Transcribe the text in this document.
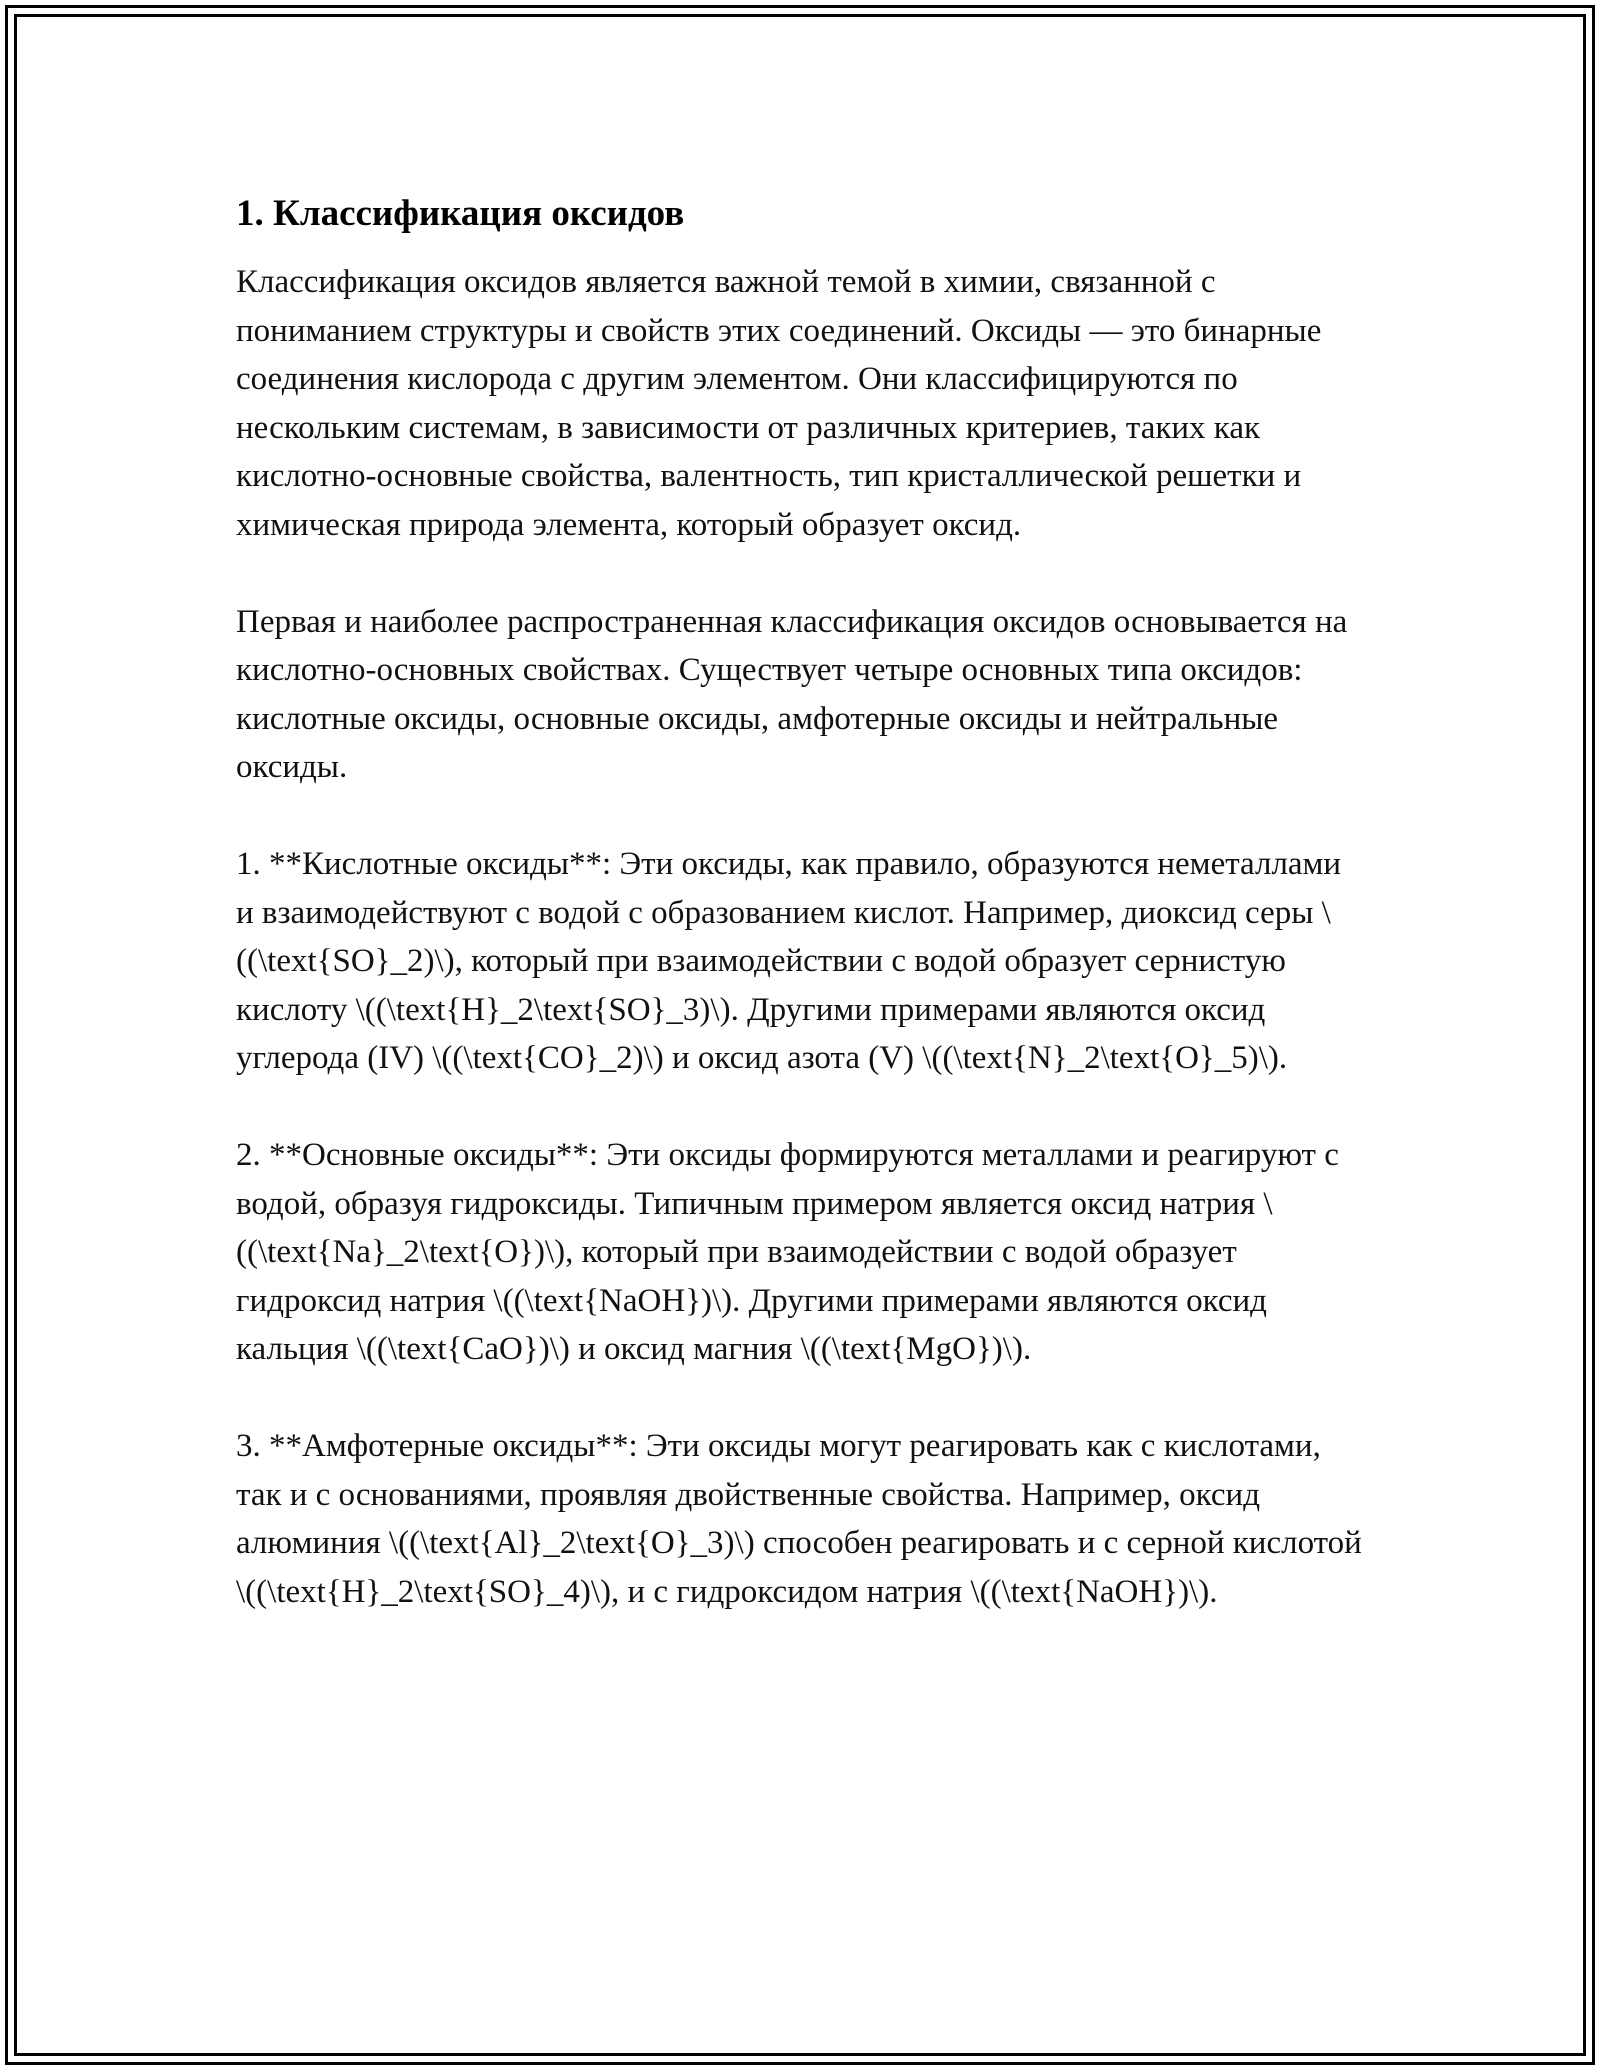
1. Классификация оксидов

Классификация оксидов является важной темой в химии, связанной с пониманием структуры и свойств этих соединений. Оксиды — это бинарные соединения кислорода с другим элементом. Они классифицируются по нескольким системам, в зависимости от различных критериев, таких как кислотно-основные свойства, валентность, тип кристаллической решетки и химическая природа элемента, который образует оксид.

Первая и наиболее распространенная классификация оксидов основывается на кислотно-основных свойствах. Существует четыре основных типа оксидов: кислотные оксиды, основные оксиды, амфотерные оксиды и нейтральные оксиды.

1. **Кислотные оксиды**: Эти оксиды, как правило, образуются неметаллами и взаимодействуют с водой с образованием кислот. Например, диоксид серы \((\text{SO}_2)\), который при взаимодействии с водой образует сернистую кислоту \((\text{H}_2\text{SO}_3)\). Другими примерами являются оксид углерода (IV) \((\text{CO}_2)\) и оксид азота (V) \((\text{N}_2\text{O}_5)\).

2. **Основные оксиды**: Эти оксиды формируются металлами и реагируют с водой, образуя гидроксиды. Типичным примером является оксид натрия \((\text{Na}_2\text{O})\), который при взаимодействии с водой образует гидроксид натрия \((\text{NaOH})\). Другими примерами являются оксид кальция \((\text{CaO})\) и оксид магния \((\text{MgO})\).

3. **Амфотерные оксиды**: Эти оксиды могут реагировать как с кислотами, так и с основаниями, проявляя двойственные свойства. Например, оксид алюминия \((\text{Al}_2\text{O}_3)\) способен реагировать и с серной кислотой \((\text{H}_2\text{SO}_4)\), и с гидроксидом натрия \((\text{NaOH})\).
